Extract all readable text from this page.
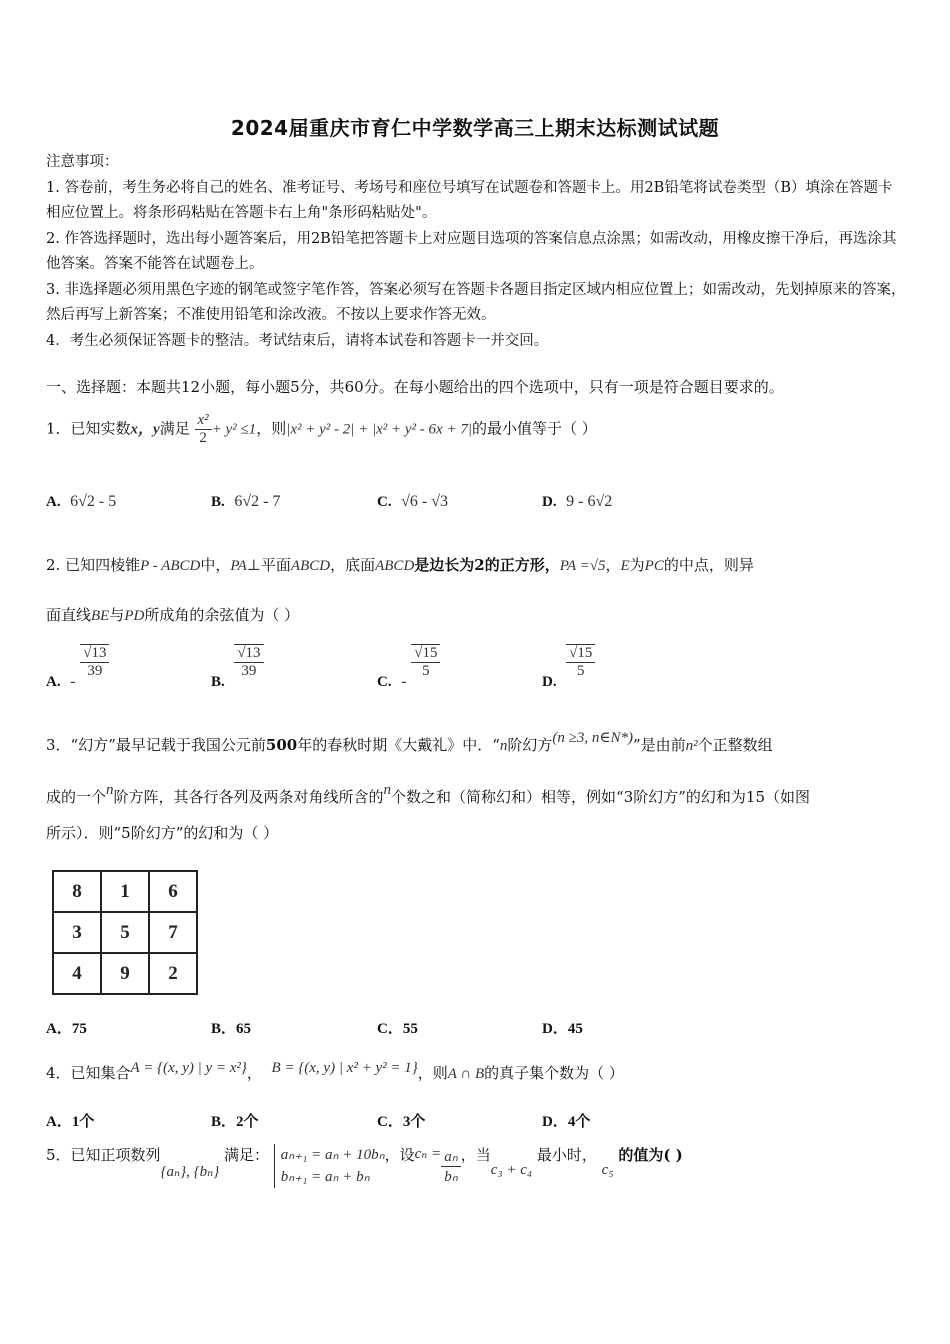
2024届重庆市育仁中学数学高三上期末达标测试试题
注意事项：
1. 答卷前，考生务必将自己的姓名、准考证号、考场号和座位号填写在试题卷和答题卡上。用2B铅笔将试卷类型（B）填涂在答题卡相应位置上。将条形码粘贴在答题卡右上角"条形码粘贴处"。
2. 作答选择题时，选出每小题答案后，用2B铅笔把答题卡上对应题目选项的答案信息点涂黑；如需改动，用橡皮擦干净后，再选涂其他答案。答案不能答在试题卷上。
3. 非选择题必须用黑色字迹的钢笔或签字笔作答，答案必须写在答题卡各题目指定区域内相应位置上；如需改动，先划掉原来的答案，然后再写上新答案；不准使用铅笔和涂改液。不按以上要求作答无效。
4．考生必须保证答题卡的整洁。考试结束后，请将本试卷和答题卡一并交回。
一、选择题：本题共12小题，每小题5分，共60分。在每小题给出的四个选项中，只有一项是符合题目要求的。
1．已知实数x，y满足 $\frac{\text{x²}}{2} + y^2 \le 1$，则|x² + y² - 2| + |x² + y² - 6x + 7|的最小值等于（ ）
A. 6√2 - 5	B. 6√2 - 7	C. √6 - √3	D. 9 - 6√2
2. 已知四棱锥P - ABCD中，PA⊥平面ABCD，底面ABCD是边长为2的正方形，PA =√5，E为PC的中点，则异
面直线BE与PD所成角的余弦值为（ ）
A. -
$\frac{√13}{39}$
B.
$\frac{√13}{39}$
C. -
$\frac{√15}{5}$
D.
$\frac{√15}{5}$
3．“幻方”最早记载于我国公元前500年的春秋时期《大戴礼》中．“n阶幻方(n ≥3, n∈N*)”是由前n²个正整数组
成的一个n阶方阵，其各行各列及两条对角线所含的n个数之和（简称幻和）相等，例如“3阶幻方”的幻和为15（如图
所示）．则“5阶幻方”的幻和为（ ）
8	1	6
3	5	7
4	9	2
A．75	B．65	C．55	D．45
4．已知集合A = {(x, y) | y = x²}， B = {(x, y) | x² + y² = 1}，则A ∩ B的真子集个数为（ ）
A．1个	B．2个	C．3个	D．4个
5．已知正项数列{aₙ}, {bₙ} 满足： aₙ₊₁ = aₙ + 10bₙ
bₙ₊₁ = aₙ + bₙ
，设$c_n = \frac{\text{aₙ}}{\text{bₙ}}$ ，当c₃ + c₄ 最小时， c₅ 的值为( )
